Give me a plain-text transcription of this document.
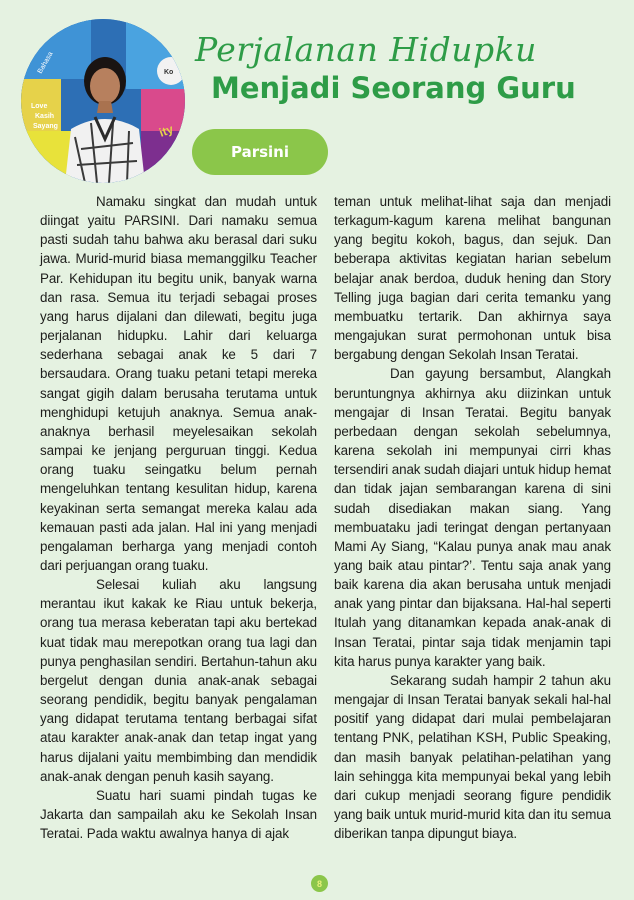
Bahasa
Love
Kasih
Sayang
Ko
ity
Perjalanan Hidupku
Menjadi Seorang Guru
Parsini

Namaku singkat dan mudah untuk diingat yaitu PARSINI. Dari namaku semua pasti sudah tahu bahwa aku berasal dari suku jawa. Murid-murid biasa memanggilku Teacher Par. Kehidupan itu begitu unik, banyak warna dan rasa. Semua itu terjadi sebagai proses yang harus dijalani dan dilewati, begitu juga perjalanan hidupku. Lahir dari keluarga sederhana sebagai anak ke 5 dari 7 bersaudara. Orang tuaku petani tetapi mereka sangat gigih dalam berusaha terutama untuk menghidupi ketujuh anaknya. Semua anak-anaknya berhasil meyelesaikan sekolah sampai ke jenjang perguruan tinggi. Kedua orang tuaku seingatku belum pernah mengeluhkan tentang kesulitan hidup, karena keyakinan serta semangat mereka kalau ada kemauan pasti ada jalan. Hal ini yang menjadi pengalaman berharga yang menjadi contoh dari perjuangan orang tuaku.

Selesai kuliah aku langsung merantau ikut kakak ke Riau untuk bekerja, orang tua merasa keberatan tapi aku bertekad kuat tidak mau merepotkan orang tua lagi dan punya penghasilan sendiri. Bertahun-tahun aku bergelut dengan dunia anak-anak sebagai seorang pendidik, begitu banyak pengalaman yang didapat terutama tentang berbagai sifat atau karakter anak-anak dan tetap ingat yang harus dijalani yaitu membimbing dan mendidik anak-anak dengan penuh kasih sayang.

Suatu hari suami pindah tugas ke Jakarta dan sampailah aku ke Sekolah Insan Teratai. Pada waktu awalnya hanya di ajak

teman untuk melihat-lihat saja dan menjadi terkagum-kagum karena melihat bangunan yang begitu kokoh, bagus, dan sejuk. Dan beberapa aktivitas kegiatan harian sebelum belajar anak berdoa, duduk hening dan Story Telling juga bagian dari cerita temanku yang membuatku tertarik. Dan akhirnya saya mengajukan surat permohonan untuk bisa bergabung dengan Sekolah Insan Teratai.

Dan gayung bersambut, Alangkah beruntungnya akhirnya aku diizinkan untuk mengajar di Insan Teratai. Begitu banyak perbedaan dengan sekolah sebelumnya, karena sekolah ini mempunyai cirri khas tersendiri anak sudah diajari untuk hidup hemat dan tidak jajan sembarangan karena di sini sudah disediakan makan siang. Yang membuataku jadi teringat dengan pertanyaan Mami Ay Siang, “Kalau punya anak mau anak yang baik atau pintar?’. Tentu saja anak yang baik karena dia akan berusaha untuk menjadi anak yang pintar dan bijaksana. Hal-hal seperti Itulah yang ditanamkan kepada anak-anak di Insan Teratai, pintar saja tidak menjamin tapi kita harus punya karakter yang baik.

Sekarang sudah hampir 2 tahun aku mengajar di Insan Teratai banyak sekali hal-hal positif yang didapat dari mulai pembelajaran tentang PNK, pelatihan KSH, Public Speaking, dan masih banyak pelatihan-pelatihan yang lain sehingga kita mempunyai bekal yang lebih dari cukup menjadi seorang figure pendidik yang baik untuk murid-murid kita dan itu semua diberikan tanpa dipungut biaya.

8
